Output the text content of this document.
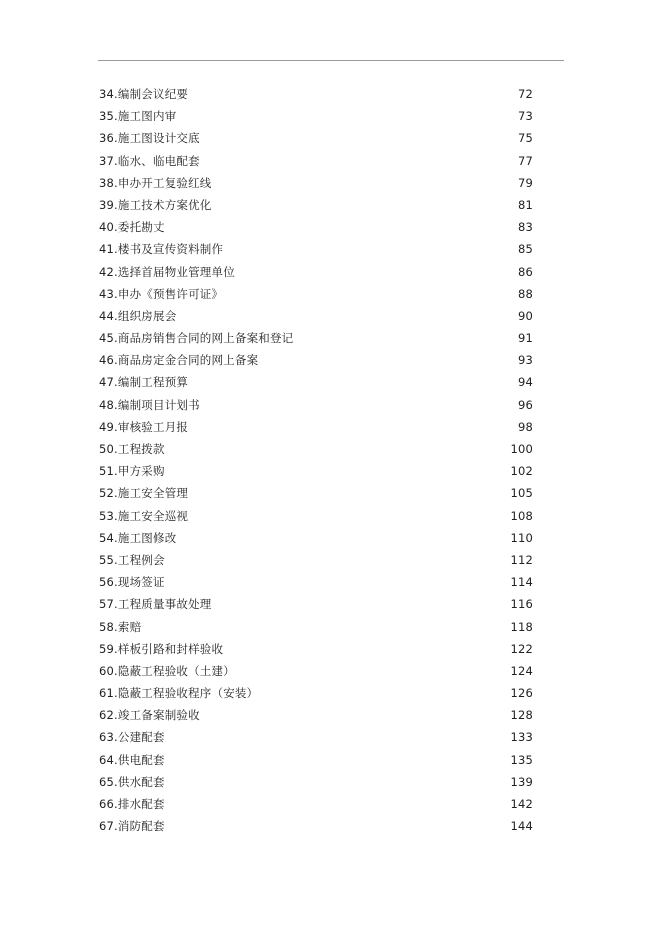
34.编制会议纪要	72
35.施工图内审	73
36.施工图设计交底	75
37.临水、临电配套	77
38.申办开工复验红线	79
39.施工技术方案优化	81
40.委托勘丈	83
41.楼书及宣传资料制作	85
42.选择首届物业管理单位	86
43.申办《预售许可证》	88
44.组织房展会	90
45.商品房销售合同的网上备案和登记	91
46.商品房定金合同的网上备案	93
47.编制工程预算	94
48.编制项目计划书	96
49.审核验工月报	98
50.工程拨款	100
51.甲方采购	102
52.施工安全管理	105
53.施工安全巡视	108
54.施工图修改	110
55.工程例会	112
56.现场签证	114
57.工程质量事故处理	116
58.索赔	118
59.样板引路和封样验收	122
60.隐蔽工程验收（土建）	124
61.隐蔽工程验收程序（安装）	126
62.竣工备案制验收	128
63.公建配套	133
64.供电配套	135
65.供水配套	139
66.排水配套	142
67.消防配套	144
